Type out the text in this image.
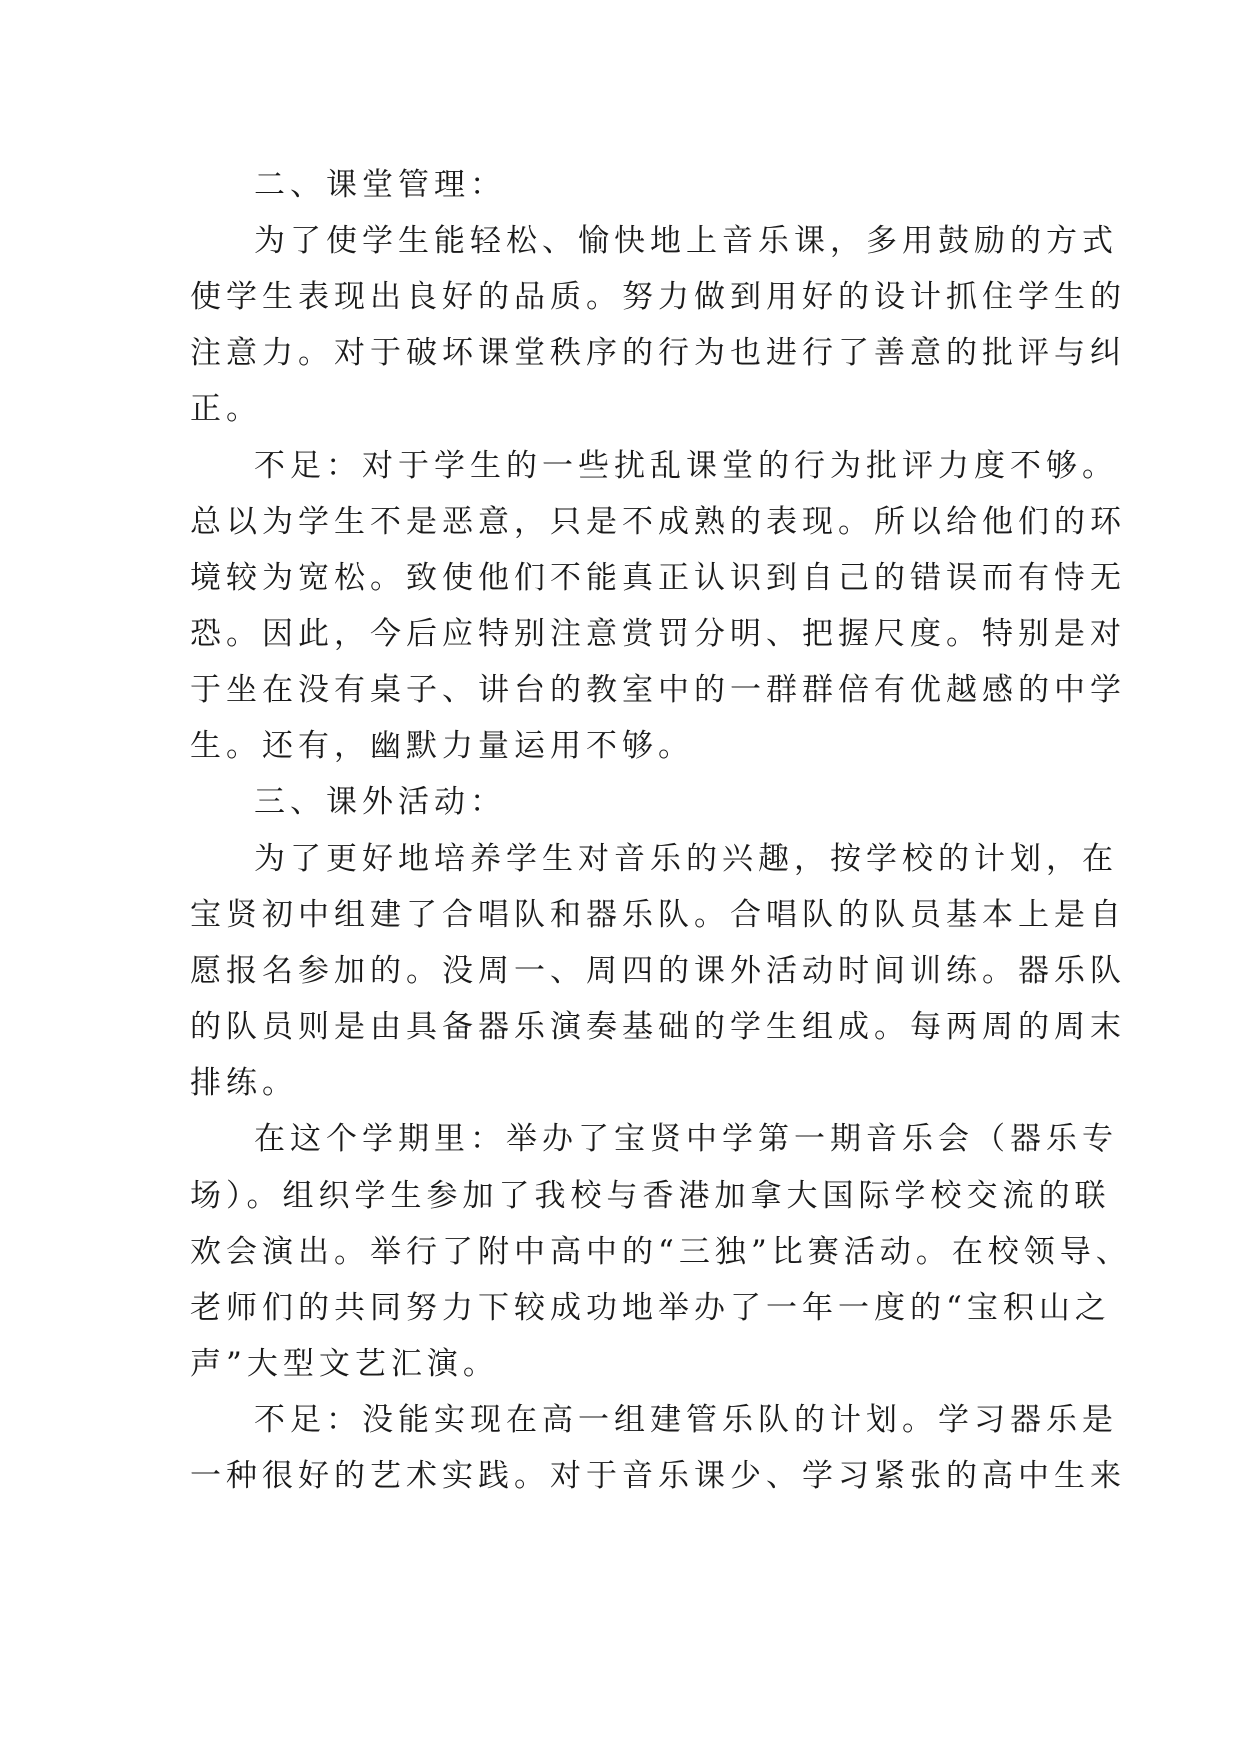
二、课堂管理：
为了使学生能轻松、愉快地上音乐课，多用鼓励的方式
使学生表现出良好的品质。努力做到用好的设计抓住学生的
注意力。对于破坏课堂秩序的行为也进行了善意的批评与纠
正。
不足：对于学生的一些扰乱课堂的行为批评力度不够。
总以为学生不是恶意，只是不成熟的表现。所以给他们的环
境较为宽松。致使他们不能真正认识到自己的错误而有恃无
恐。因此，今后应特别注意赏罚分明、把握尺度。特别是对
于坐在没有桌子、讲台的教室中的一群群倍有优越感的中学
生。还有，幽默力量运用不够。
三、课外活动：
为了更好地培养学生对音乐的兴趣，按学校的计划，在
宝贤初中组建了合唱队和器乐队。合唱队的队员基本上是自
愿报名参加的。没周一、周四的课外活动时间训练。器乐队
的队员则是由具备器乐演奏基础的学生组成。每两周的周末
排练。
在这个学期里：举办了宝贤中学第一期音乐会（器乐专
场）。组织学生参加了我校与香港加拿大国际学校交流的联
欢会演出。举行了附中高中的“三独”比赛活动。在校领导、
老师们的共同努力下较成功地举办了一年一度的“宝积山之
声”大型文艺汇演。
不足：没能实现在高一组建管乐队的计划。学习器乐是
一种很好的艺术实践。对于音乐课少、学习紧张的高中生来
